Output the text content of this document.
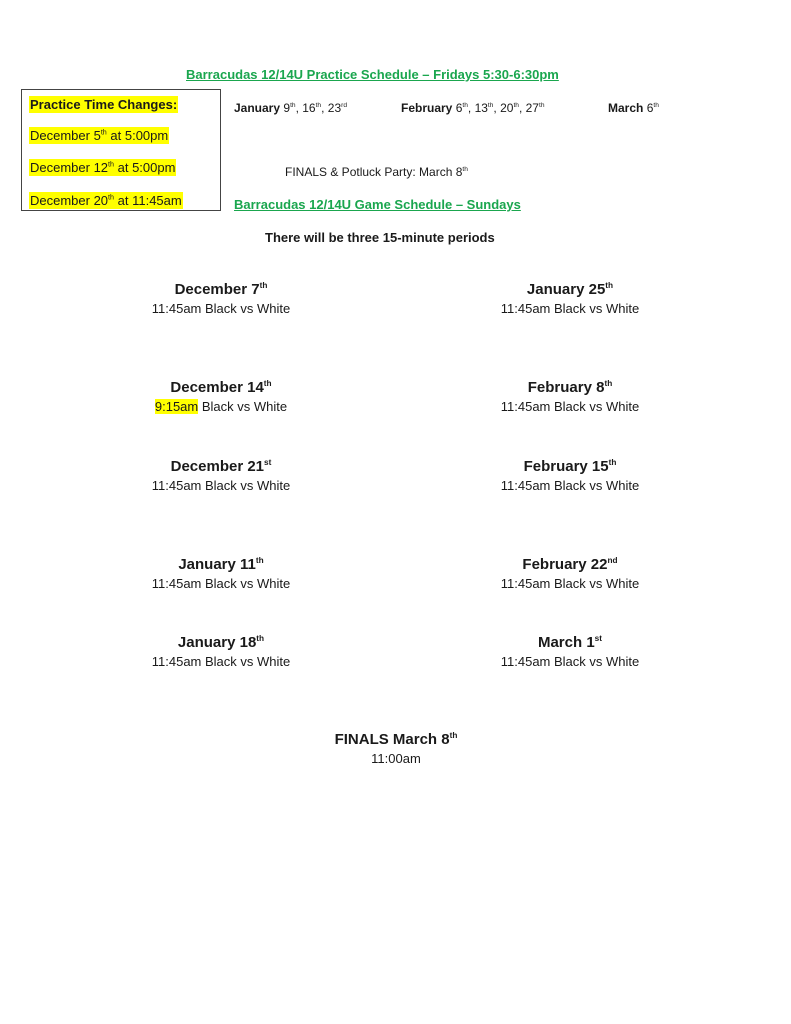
Barracudas 12/14U Practice Schedule – Fridays 5:30-6:30pm
Practice Time Changes:
December 5th at 5:00pm
December 12th at 5:00pm
December 20th at 11:45am
January 9th, 16th, 23rd	February 6th, 13th, 20th, 27th	March 6th
FINALS & Potluck Party: March 8th
Barracudas 12/14U Game Schedule – Sundays
There will be three 15-minute periods
December 7th
11:45am Black vs White
December 14th
9:15am Black vs White
December 21st
11:45am Black vs White
January 11th
11:45am Black vs White
January 18th
11:45am Black vs White
January 25th
11:45am Black vs White
February 8th
11:45am Black vs White
February 15th
11:45am Black vs White
February 22nd
11:45am Black vs White
March 1st
11:45am Black vs White
FINALS March 8th
11:00am
